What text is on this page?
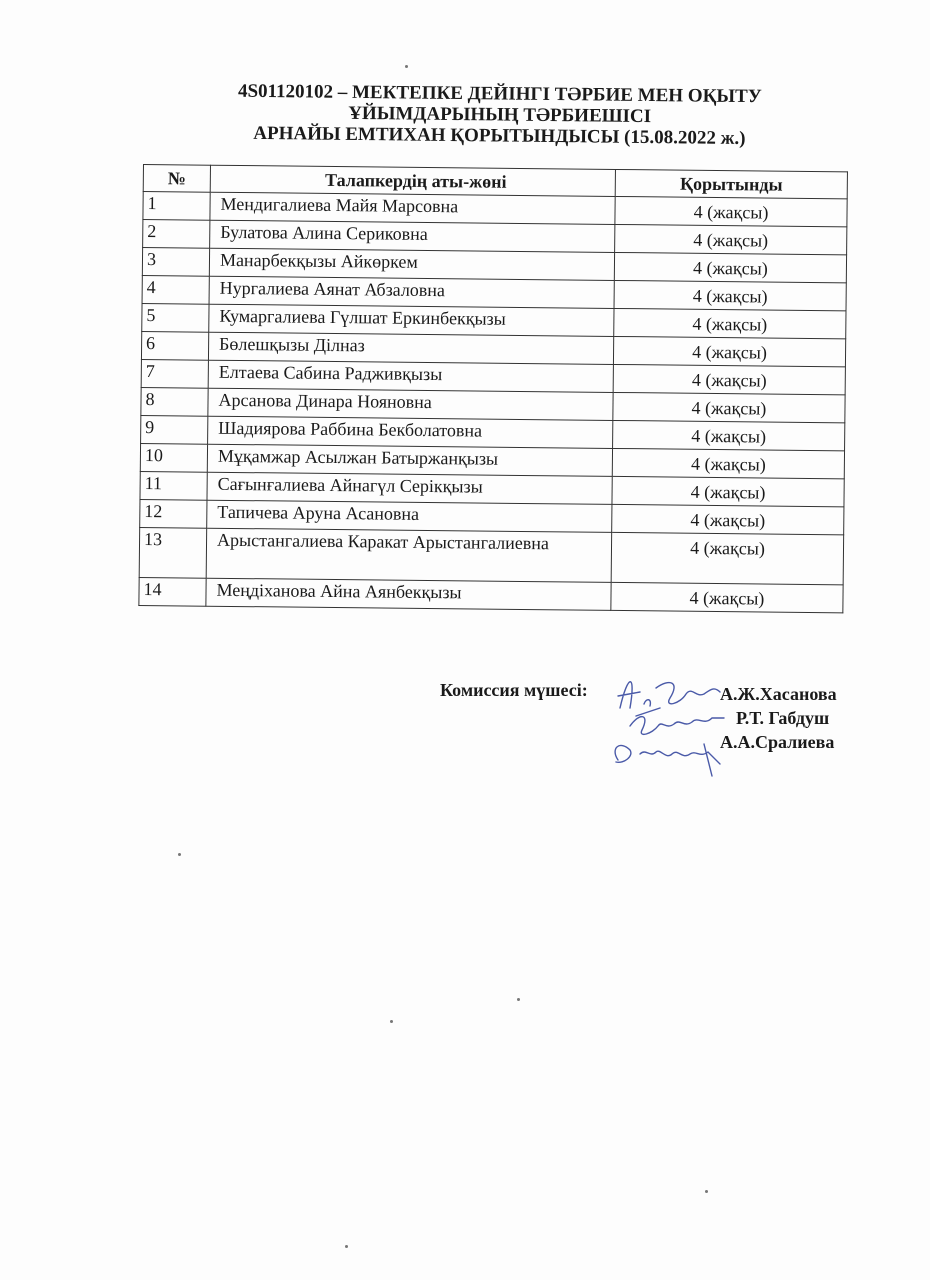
4S01120102 – МЕКТЕПКЕ ДЕЙІНГІ ТӘРБИЕ МЕН ОҚЫТУ
ҰЙЫМДАРЫНЫҢ ТӘРБИЕШІСІ
АРНАЙЫ ЕМТИХАН ҚОРЫТЫНДЫСЫ (15.08.2022 ж.)
№	Талапкердің аты-жөні	Қорытынды
1	Мендигалиева Майя Марсовна	4 (жақсы)
2	Булатова Алина Сериковна	4 (жақсы)
3	Манарбекқызы Айкөркем	4 (жақсы)
4	Нургалиева Аянат Абзаловна	4 (жақсы)
5	Кумаргалиева Гүлшат Еркинбекқызы	4 (жақсы)
6	Бөлешқызы Ділназ	4 (жақсы)
7	Елтаева Сабина Радживқызы	4 (жақсы)
8	Арсанова Динара Нояновна	4 (жақсы)
9	Шадиярова Раббина Бекболатовна	4 (жақсы)
10	Мұқамжар Асылжан Батыржанқызы	4 (жақсы)
11	Сағынғалиева Айнагүл Серікқызы	4 (жақсы)
12	Тапичева Аруна Асановна	4 (жақсы)
13	Арыстангалиева Каракат Арыстангалиевна	4 (жақсы)
14	Меңдіханова Айна Аянбекқызы	4 (жақсы)
Комиссия мүшесі:	А.Ж.Хасанова
Р.Т. Габдуш
А.А.Сралиева
